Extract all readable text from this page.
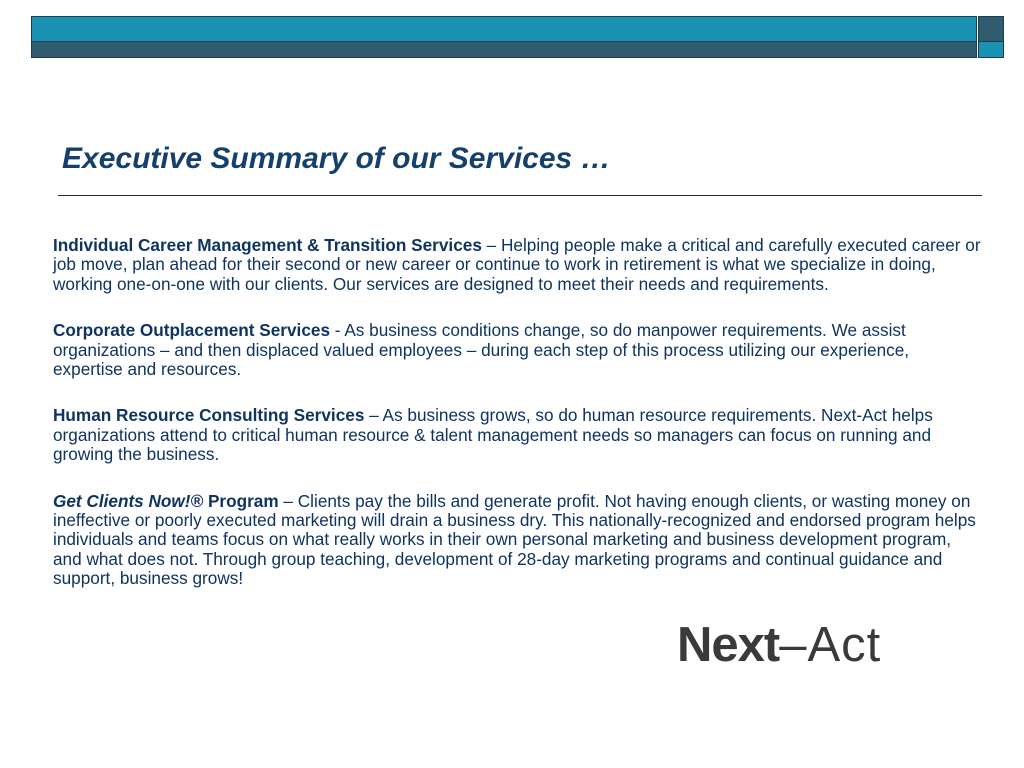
Executive Summary of our Services …

Individual Career Management & Transition Services – Helping people make a critical and carefully executed career or job move, plan ahead for their second or new career or continue to work in retirement is what we specialize in doing, working one-on-one with our clients. Our services are designed to meet their needs and requirements.

Corporate Outplacement Services - As business conditions change, so do manpower requirements. We assist organizations – and then displaced valued employees – during each step of this process utilizing our experience, expertise and resources.

Human Resource Consulting Services – As business grows, so do human resource requirements. Next-Act helps organizations attend to critical human resource & talent management needs so managers can focus on running and growing the business.

Get Clients Now!® Program – Clients pay the bills and generate profit. Not having enough clients, or wasting money on ineffective or poorly executed marketing will drain a business dry. This nationally-recognized and endorsed program helps individuals and teams focus on what really works in their own personal marketing and business development program, and what does not. Through group teaching, development of 28-day marketing programs and continual guidance and support, business grows!

Next–Act
